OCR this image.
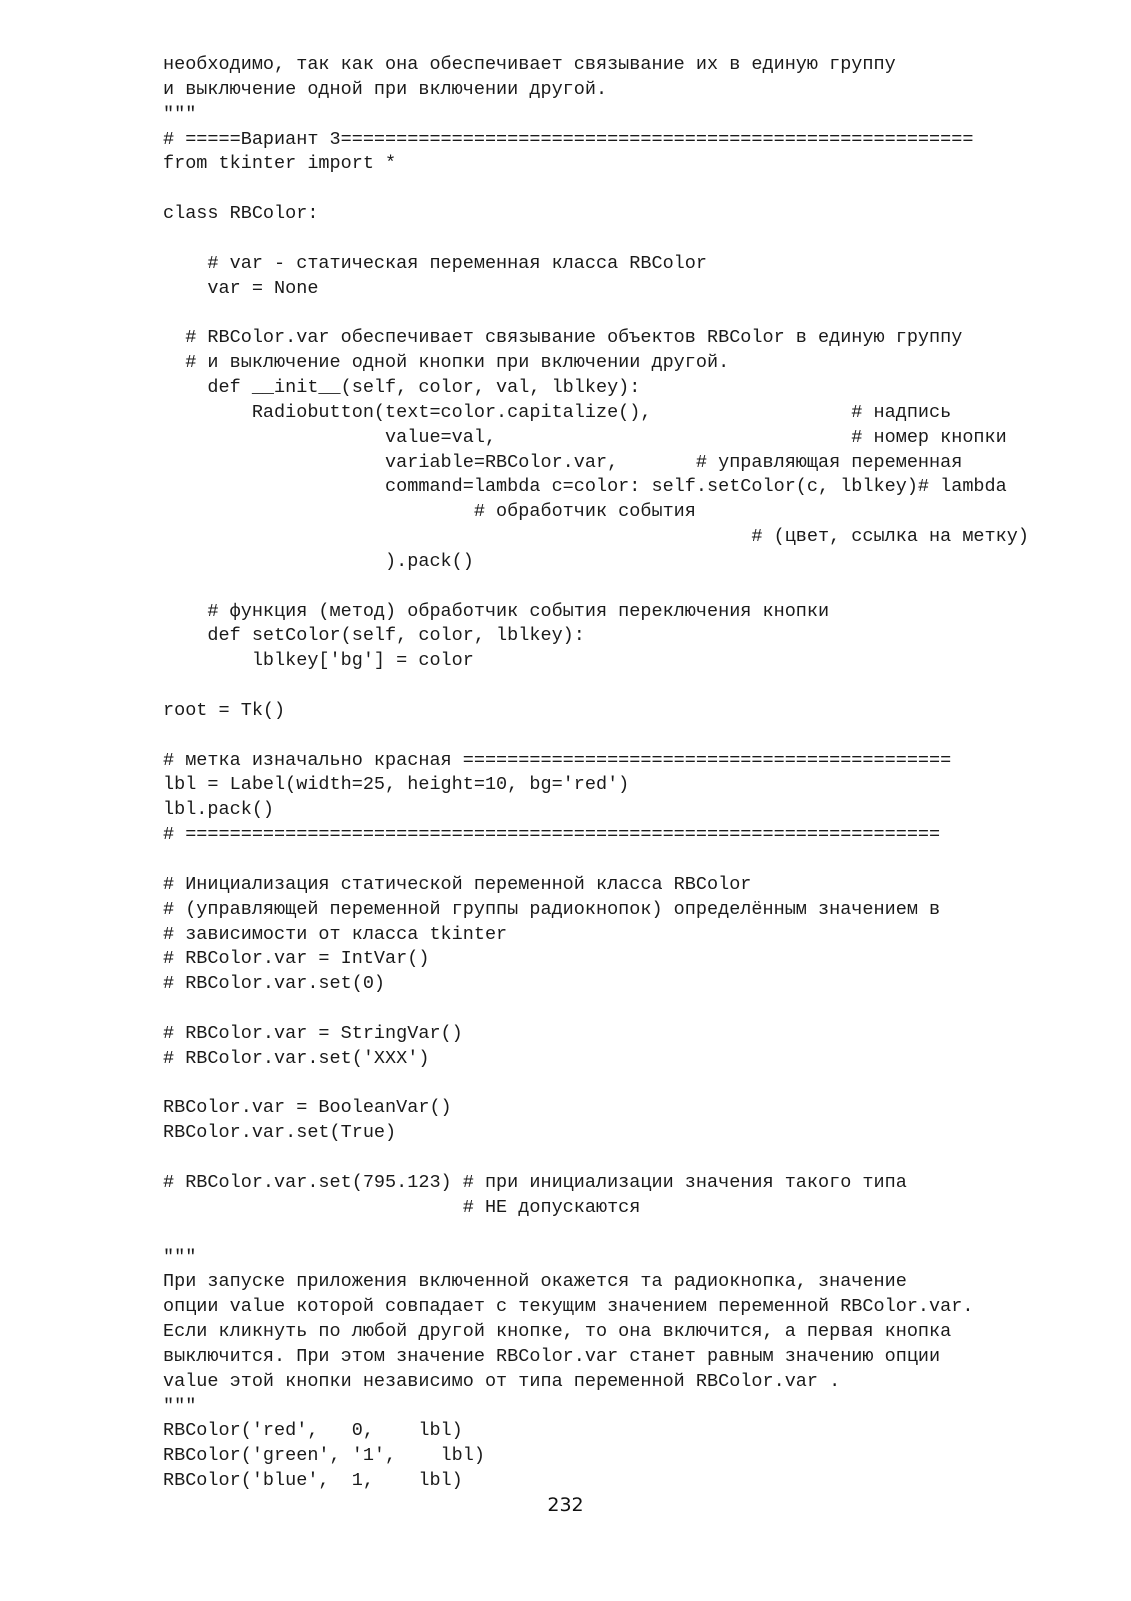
необходимо, так как она обеспечивает связывание их в единую группу
и выключение одной при включении другой.
"""
# =====Вариант 3=========================================================
from tkinter import *

class RBColor:

# var - статическая переменная класса RBColor
var = None

# RBColor.var обеспечивает связывание объектов RBColor в единую группу
# и выключение одной кнопки при включении другой.
def __init__(self, color, val, lblkey):
Radiobutton(text=color.capitalize(),                  # надпись
value=val,                                # номер кнопки
variable=RBColor.var,       # управляющая переменная
command=lambda c=color: self.setColor(c, lblkey)# lambda
# обработчик события
# (цвет, ссылка на метку)
).pack()

# функция (метод) обработчик события переключения кнопки
def setColor(self, color, lblkey):
lblkey['bg'] = color

root = Tk()

# метка изначально красная ============================================
lbl = Label(width=25, height=10, bg='red')
lbl.pack()
# ====================================================================

# Инициализация статической переменной класса RBColor
# (управляющей переменной группы радиокнопок) определённым значением в
# зависимости от класса tkinter
# RBColor.var = IntVar()
# RBColor.var.set(0)

# RBColor.var = StringVar()
# RBColor.var.set('XXX')

RBColor.var = BooleanVar()
RBColor.var.set(True)

# RBColor.var.set(795.123) # при инициализации значения такого типа
# НЕ допускаются

"""
При запуске приложения включенной окажется та радиокнопка, значение
опции value которой совпадает с текущим значением переменной RBColor.var.
Если кликнуть по любой другой кнопке, то она включится, а первая кнопка
выключится. При этом значение RBColor.var станет равным значению опции
value этой кнопки независимо от типа переменной RBColor.var .
"""
RBColor('red',   0,    lbl)
RBColor('green', '1',    lbl)
RBColor('blue',  1,    lbl)
232
